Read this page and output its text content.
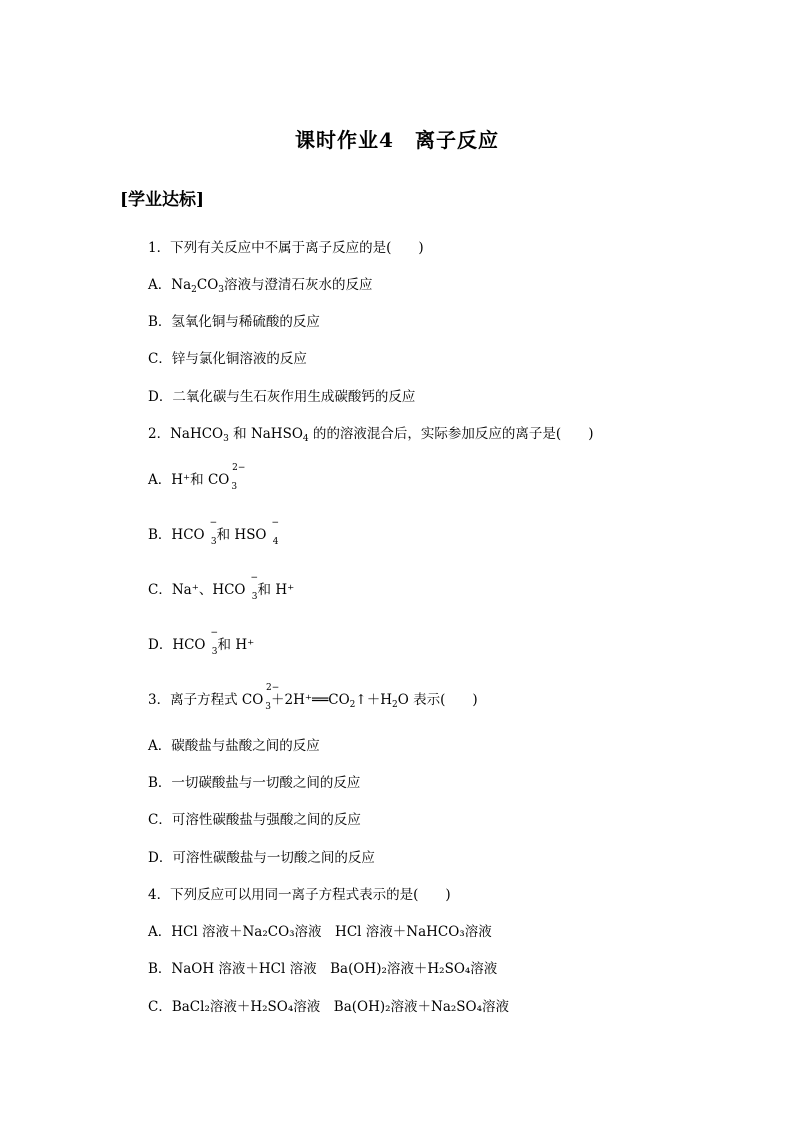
课时作业4　离子反应
[学业达标]
1．下列有关反应中不属于离子反应的是(　　)
A．$Na_2CO_3$溶液与澄清石灰水的反应
B．氢氧化铜与稀硫酸的反应
C．锌与氯化铜溶液的反应
D．二氧化碳与生石灰作用生成碳酸钙的反应
2．NaHCO$_3$ 和 NaHSO$_4$ 的的溶液混合后，实际参加反应的离子是(　　)
A．H⁺和 CO
2−
$_3$
B．HCO
−
$_3$和 HSO
−
$_4$
C．Na⁺、HCO
−
$_3$和 H⁺
D．HCO
−
$_3$和 H⁺
3．离子方程式 CO
2−
$_3+2H^+══CO_2↑+H_2O$ 表示(　　)
A．碳酸盐与盐酸之间的反应
B．一切碳酸盐与一切酸之间的反应
C．可溶性碳酸盐与强酸之间的反应
D．可溶性碳酸盐与一切酸之间的反应
4．下列反应可以用同一离子方程式表示的是(　　)
A．HCl 溶液＋Na₂CO₃溶液　HCl 溶液＋NaHCO₃溶液
B．NaOH 溶液＋HCl 溶液　Ba(OH)₂溶液＋H₂SO₄溶液
C．BaCl₂溶液＋H₂SO₄溶液　Ba(OH)₂溶液＋Na₂SO₄溶液
